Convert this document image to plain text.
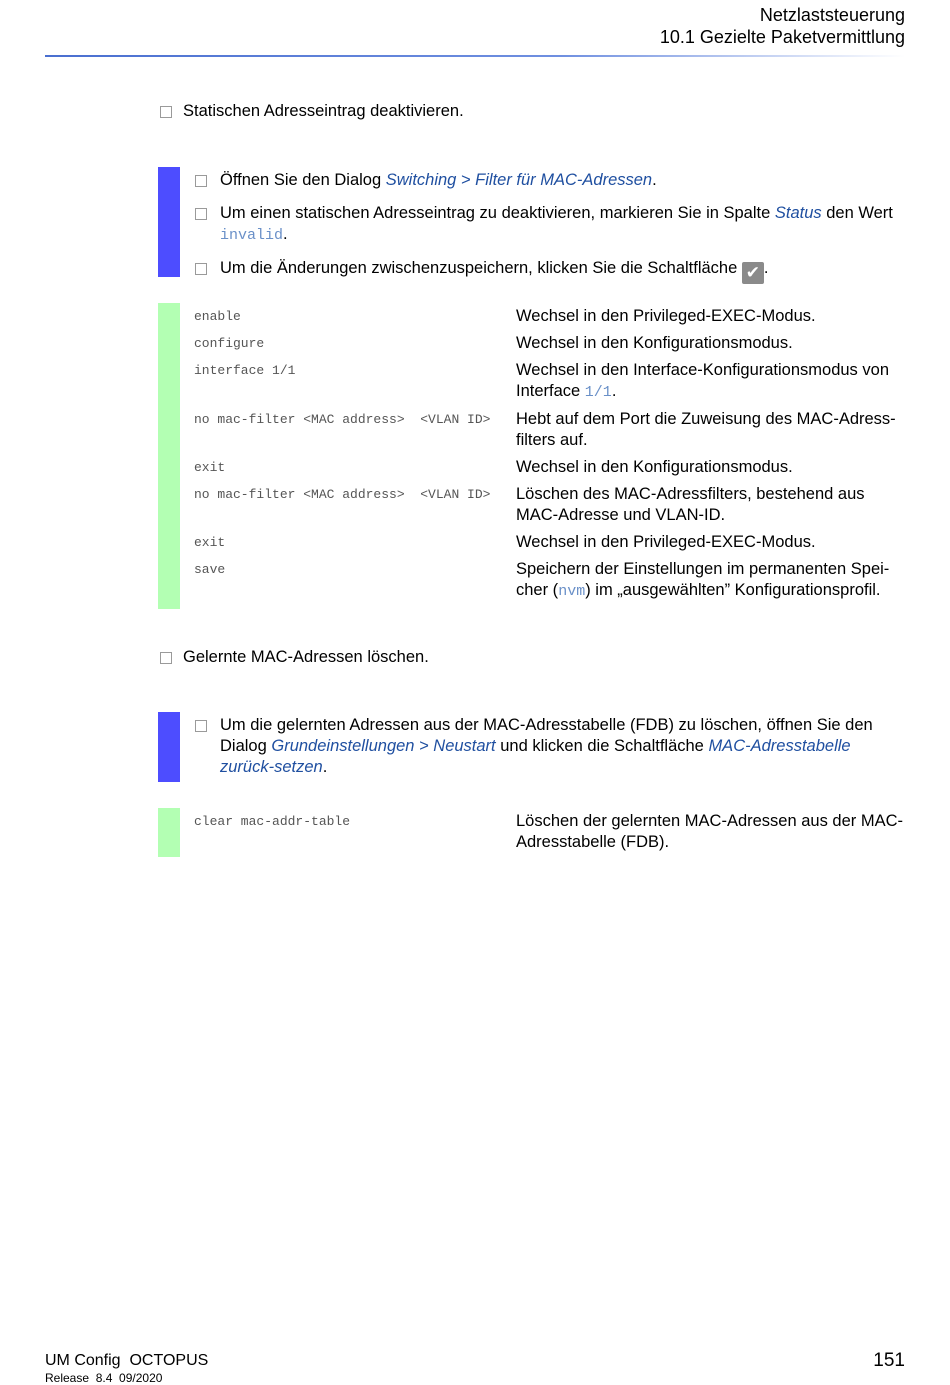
Netzlaststeuerung
10.1 Gezielte Paketvermittlung
Statischen Adresseintrag deaktivieren.
Öffnen Sie den Dialog Switching > Filter für MAC-Adressen.
Um einen statischen Adresseintrag zu deaktivieren, markieren Sie in Spalte Status den Wert invalid.
Um die Änderungen zwischenzuspeichern, klicken Sie die Schaltfläche ✔ .
enable	Wechsel in den Privileged-EXEC-Modus.
configure	Wechsel in den Konfigurationsmodus.
interface 1/1	Wechsel in den Interface-Konfigurationsmodus von Interface 1/1.
no mac-filter <MAC address>  <VLAN ID>	Hebt auf dem Port die Zuweisung des MAC-Adress-filters auf.
exit	Wechsel in den Konfigurationsmodus.
no mac-filter <MAC address>  <VLAN ID>	Löschen des MAC-Adressfilters, bestehend aus MAC-Adresse und VLAN-ID.
exit	Wechsel in den Privileged-EXEC-Modus.
save	Speichern der Einstellungen im permanenten Spei-cher (nvm) im „ausgewählten” Konfigurationsprofil.
Gelernte MAC-Adressen löschen.
Um die gelernten Adressen aus der MAC-Adresstabelle (FDB) zu löschen, öffnen Sie den Dialog Grundeinstellungen > Neustart und klicken die Schaltfläche MAC-Adresstabelle zurück-setzen.
clear mac-addr-table	Löschen der gelernten MAC-Adressen aus der MAC-Adresstabelle (FDB).
UM Config  OCTOPUS
Release  8.4  09/2020
151
